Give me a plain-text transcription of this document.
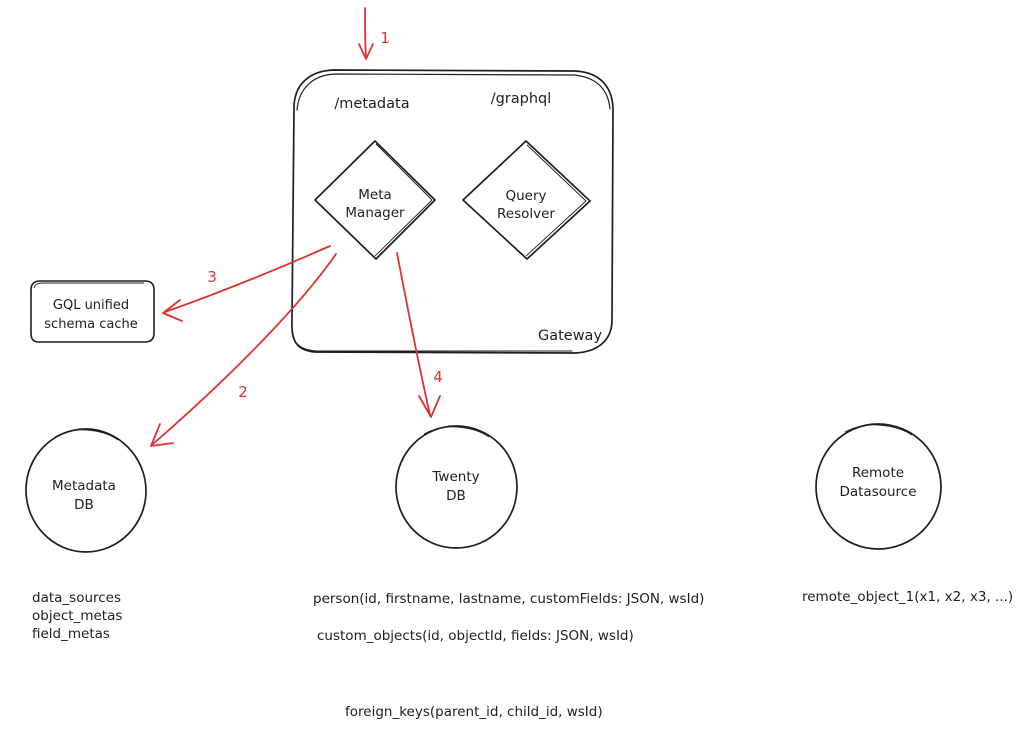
/metadata	/graphql
Gateway
Meta
Manager
Query
Resolver
GQL unified
schema cache
Metadata
DB
Twenty
DB
Remote
Datasource
1
2
3
4
data_sources
object_metas
field_metas
person(id, firstname, lastname, customFields: JSON, wsId)
custom_objects(id, objectId, fields: JSON, wsId)
foreign_keys(parent_id, child_id, wsId)
remote_object_1(x1, x2, x3, ...)
